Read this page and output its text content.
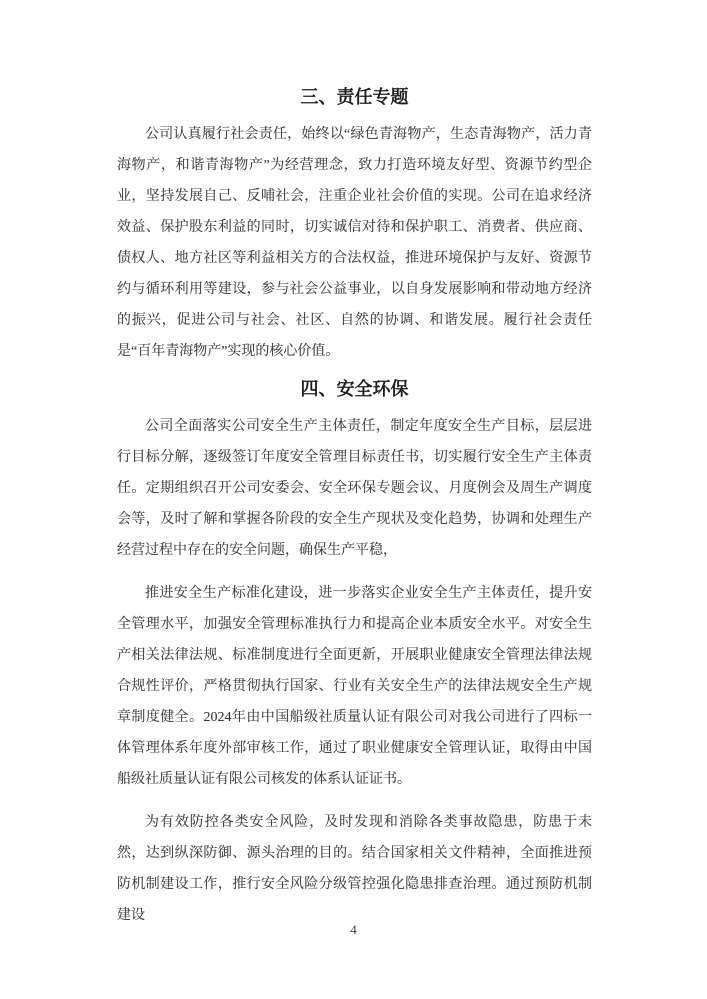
三、责任专题

公司认真履行社会责任，始终以“绿色青海物产，生态青海物产，活力青海物产，和谐青海物产”为经营理念，致力打造环境友好型、资源节约型企业，坚持发展自己、反哺社会，注重企业社会价值的实现。公司在追求经济效益、保护股东利益的同时，切实诚信对待和保护职工、消费者、供应商、债权人、地方社区等利益相关方的合法权益，推进环境保护与友好、资源节约与循环利用等建设，参与社会公益事业，以自身发展影响和带动地方经济的振兴，促进公司与社会、社区、自然的协调、和谐发展。履行社会责任是“百年青海物产”实现的核心价值。

四、安全环保

公司全面落实公司安全生产主体责任，制定年度安全生产目标，层层进行目标分解，逐级签订年度安全管理目标责任书，切实履行安全生产主体责任。定期组织召开公司安委会、安全环保专题会议、月度例会及周生产调度会等，及时了解和掌握各阶段的安全生产现状及变化趋势，协调和处理生产经营过程中存在的安全问题，确保生产平稳，

推进安全生产标准化建设，进一步落实企业安全生产主体责任，提升安全管理水平，加强安全管理标准执行力和提高企业本质安全水平。对安全生产相关法律法规、标准制度进行全面更新，开展职业健康安全管理法律法规合规性评价，严格贯彻执行国家、行业有关安全生产的法律法规安全生产规章制度健全。2024年由中国船级社质量认证有限公司对我公司进行了四标一体管理体系年度外部审核工作，通过了职业健康安全管理认证，取得由中国船级社质量认证有限公司核发的体系认证证书。

为有效防控各类安全风险，及时发现和消除各类事故隐患，防患于未然，达到纵深防御、源头治理的目的。结合国家相关文件精神，全面推进预防机制建设工作，推行安全风险分级管控强化隐患排查治理。通过预防机制建设

4
